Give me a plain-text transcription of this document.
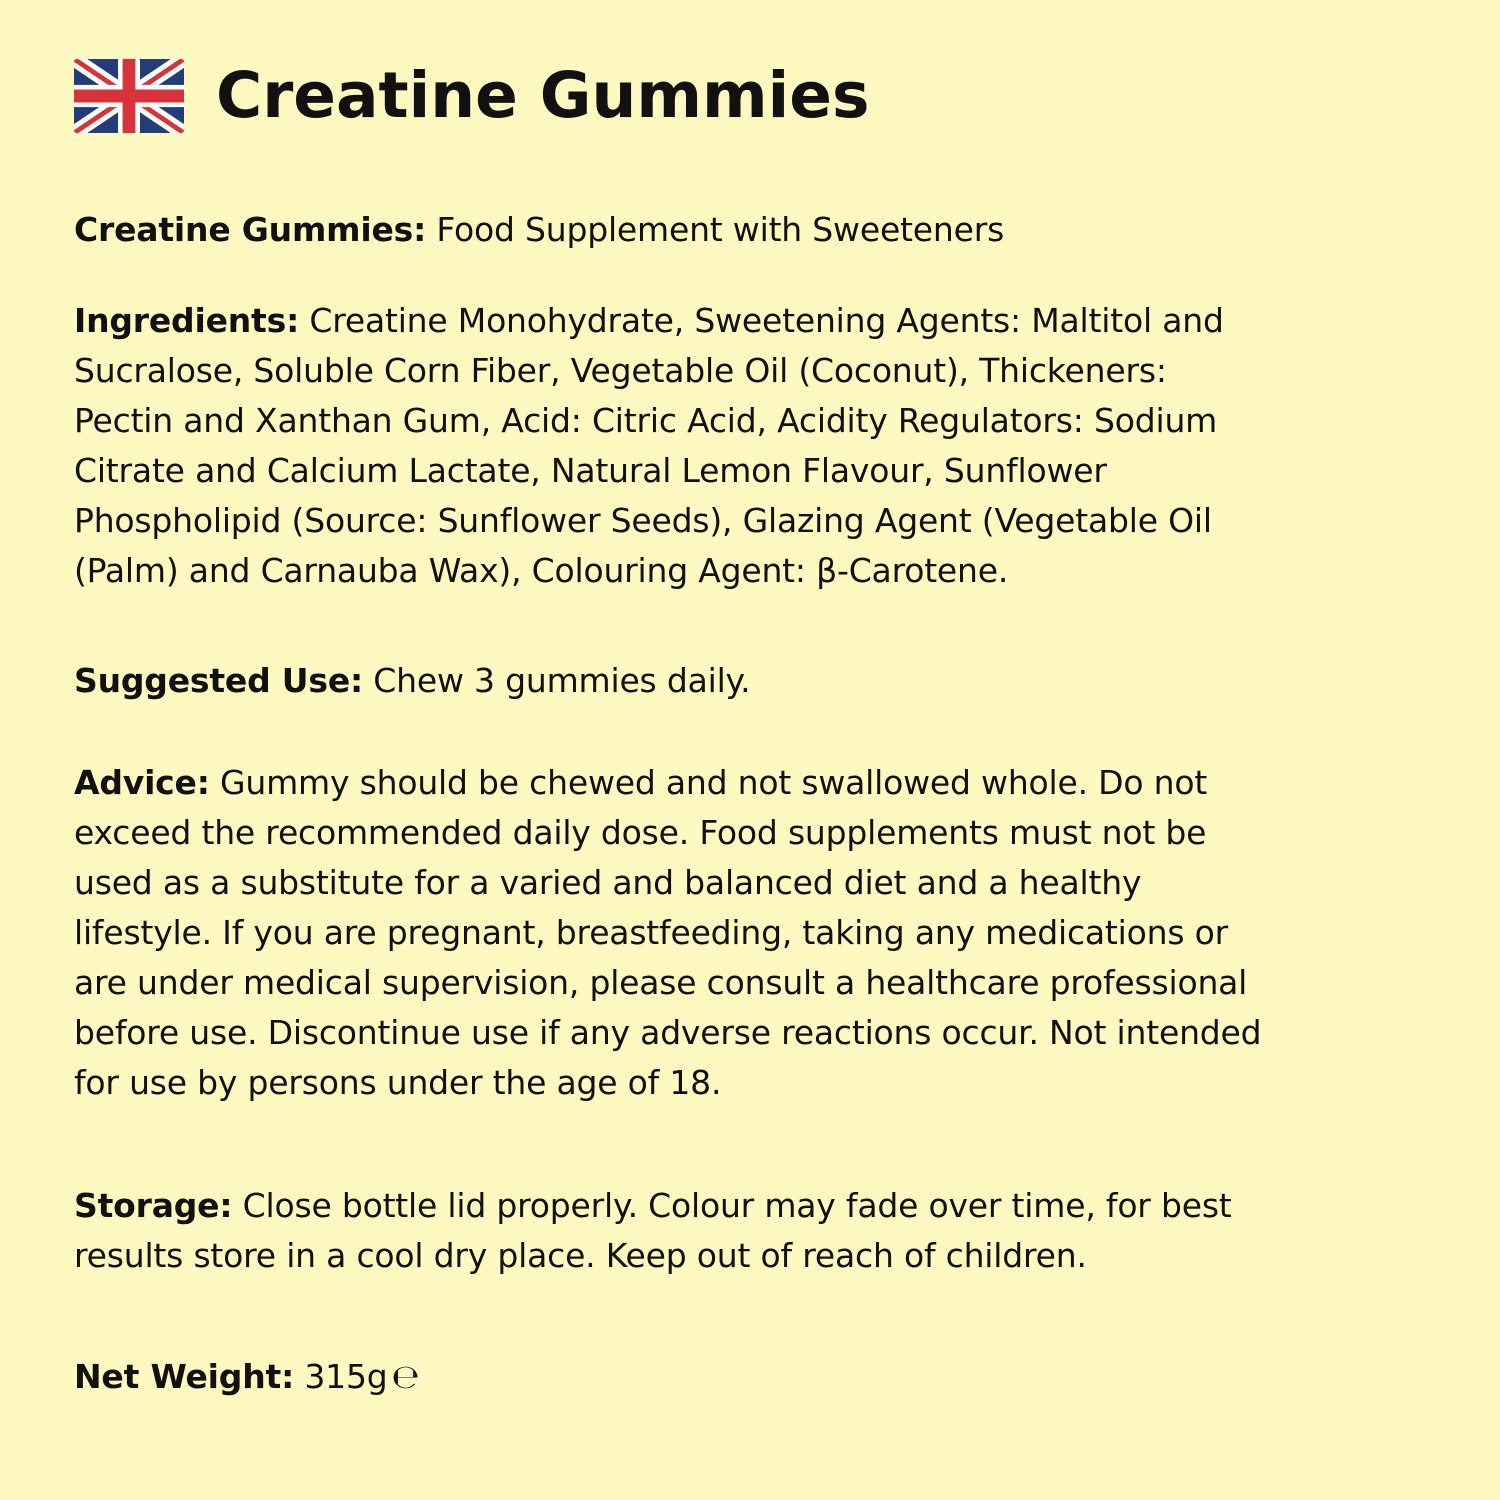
Creatine Gummies

Creatine Gummies: Food Supplement with Sweeteners

Ingredients: Creatine Monohydrate, Sweetening Agents: Maltitol and
Sucralose, Soluble Corn Fiber, Vegetable Oil (Coconut), Thickeners:
Pectin and Xanthan Gum, Acid: Citric Acid, Acidity Regulators: Sodium
Citrate and Calcium Lactate, Natural Lemon Flavour, Sunflower
Phospholipid (Source: Sunflower Seeds), Glazing Agent (Vegetable Oil
(Palm) and Carnauba Wax), Colouring Agent: β-Carotene.

Suggested Use: Chew 3 gummies daily.

Advice: Gummy should be chewed and not swallowed whole. Do not
exceed the recommended daily dose. Food supplements must not be
used as a substitute for a varied and balanced diet and a healthy
lifestyle. If you are pregnant, breastfeeding, taking any medications or
are under medical supervision, please consult a healthcare professional
before use. Discontinue use if any adverse reactions occur. Not intended
for use by persons under the age of 18.

Storage: Close bottle lid properly. Colour may fade over time, for best
results store in a cool dry place. Keep out of reach of children.

Net Weight: 315g ℮
